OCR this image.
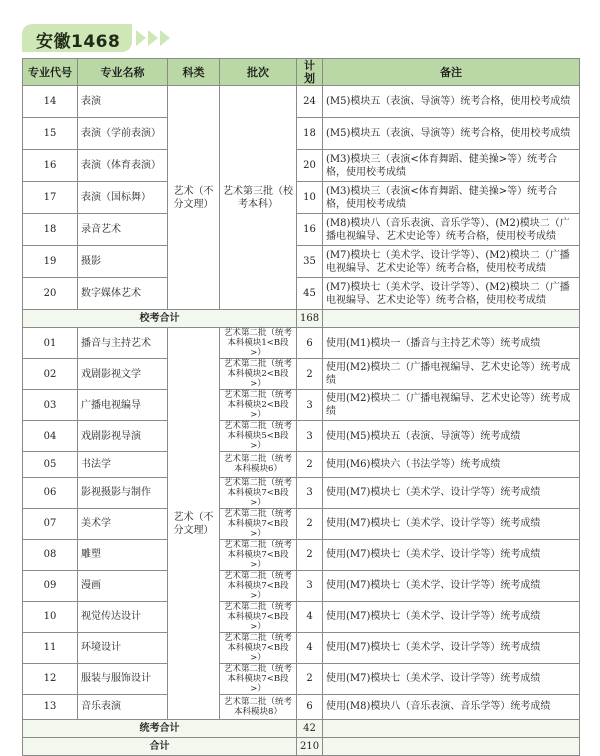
安徽1468
专业代号	专业名称	科类	批次	计划	备注
14	表演	艺术（不分文理）	艺术第三批（校考本科）	24	(M5)模块五（表演、导演等）统考合格，使用校考成绩
15	表演（学前表演）			18	(M5)模块五（表演、导演等）统考合格，使用校考成绩
16	表演（体育表演）			20	(M3)模块三（表演<体育舞蹈、健美操>等）统考合格，使用校考成绩
17	表演（国标舞）			10	(M3)模块三（表演<体育舞蹈、健美操>等）统考合格，使用校考成绩
18	录音艺术			16	(M8)模块八（音乐表演、音乐学等）、(M2)模块二（广播电视编导、艺术史论等）统考合格，使用校考成绩
19	摄影			35	(M7)模块七（美术学、设计学等）、(M2)模块二（广播电视编导、艺术史论等）统考合格，使用校考成绩
20	数字媒体艺术			45	(M7)模块七（美术学、设计学等）、(M2)模块二（广播电视编导、艺术史论等）统考合格，使用校考成绩
校考合计				168	
01	播音与主持艺术	艺术（不分文理）	艺术第二批（统考本科模块1<B段>）	6	使用(M1)模块一（播音与主持艺术等）统考成绩
02	戏剧影视文学		艺术第二批（统考本科模块2<B段>）	2	使用(M2)模块二（广播电视编导、艺术史论等）统考成绩
03	广播电视编导		艺术第二批（统考本科模块2<B段>）	3	使用(M2)模块二（广播电视编导、艺术史论等）统考成绩
04	戏剧影视导演		艺术第二批（统考本科模块5<B段>）	3	使用(M5)模块五（表演、导演等）统考成绩
05	书法学		艺术第二批（统考本科模块6）	2	使用(M6)模块六（书法学等）统考成绩
06	影视摄影与制作		艺术第二批（统考本科模块7<B段>）	3	使用(M7)模块七（美术学、设计学等）统考成绩
07	美术学		艺术第二批（统考本科模块7<B段>）	2	使用(M7)模块七（美术学、设计学等）统考成绩
08	雕塑		艺术第二批（统考本科模块7<B段>）	2	使用(M7)模块七（美术学、设计学等）统考成绩
09	漫画		艺术第二批（统考本科模块7<B段>）	3	使用(M7)模块七（美术学、设计学等）统考成绩
10	视觉传达设计		艺术第二批（统考本科模块7<B段>）	4	使用(M7)模块七（美术学、设计学等）统考成绩
11	环境设计		艺术第二批（统考本科模块7<B段>）	4	使用(M7)模块七（美术学、设计学等）统考成绩
12	服装与服饰设计		艺术第二批（统考本科模块7<B段>）	2	使用(M7)模块七（美术学、设计学等）统考成绩
13	音乐表演		艺术第二批（统考本科模块8）	6	使用(M8)模块八（音乐表演、音乐学等）统考成绩
统考合计				42	
合计				210	
